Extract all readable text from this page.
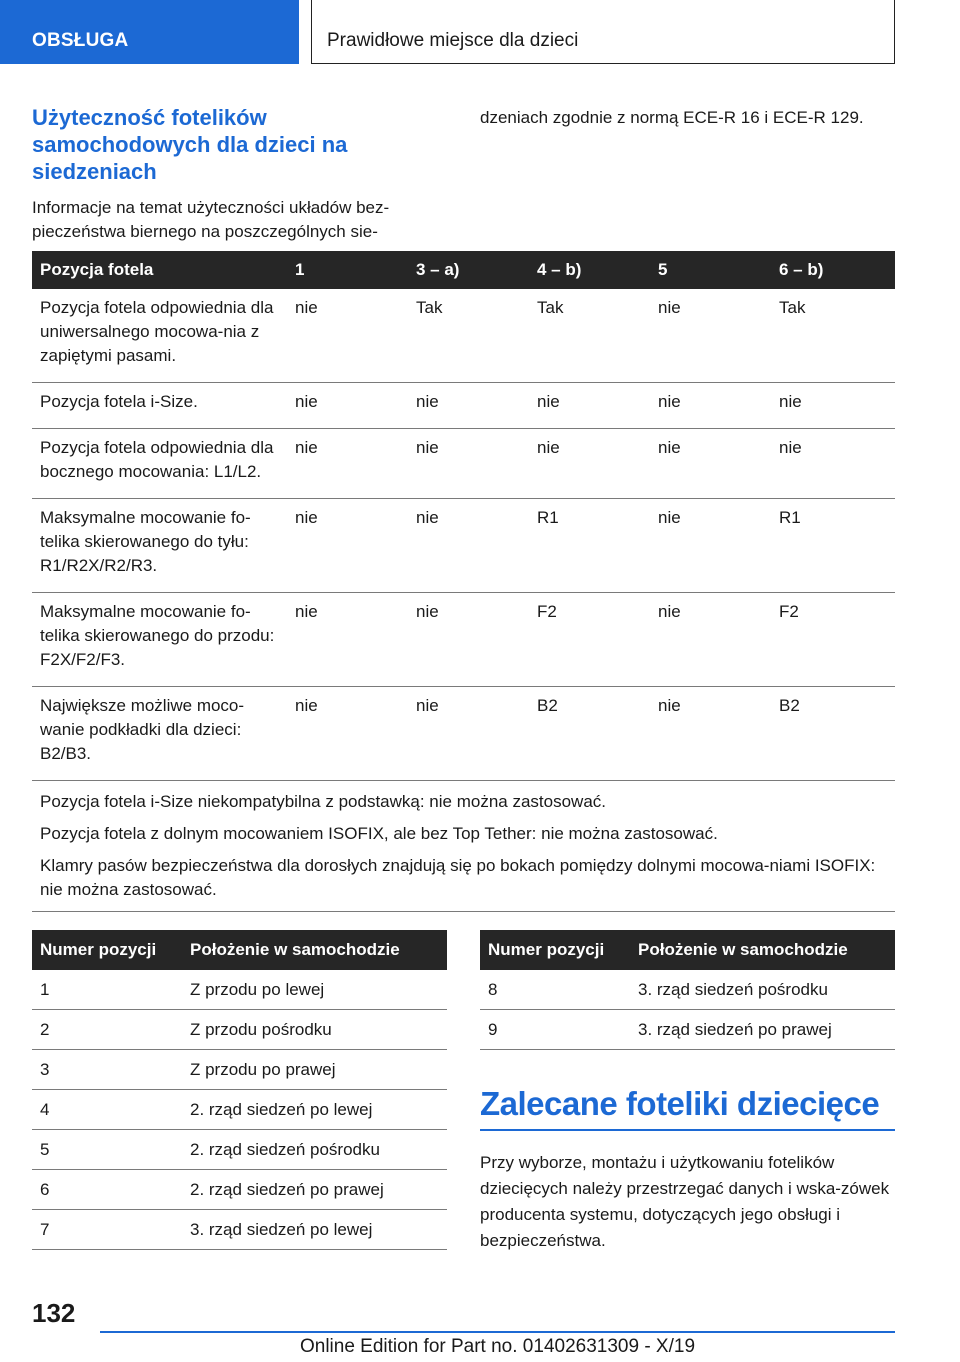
OBSŁUGA	Prawidłowe miejsce dla dzieci
Użyteczność fotelików samochodowych dla dzieci na siedzeniach

Informacje na temat użyteczności układów bez-pieczeństwa biernego na poszczególnych sie-

dzeniach zgodnie z normą ECE-R 16 i ECE-R 129.

Pozycja fotela	1	3 – a)	4 – b)	5	6 – b)
Pozycja fotela odpowiednia dla uniwersalnego mocowa-nia z zapiętymi pasami.	nie	Tak	Tak	nie	Tak
Pozycja fotela i-Size.	nie	nie	nie	nie	nie
Pozycja fotela odpowiednia dla bocznego mocowania: L1/L2.	nie	nie	nie	nie	nie
Maksymalne mocowanie fo-telika skierowanego do tyłu: R1/R2X/R2/R3.	nie	nie	R1	nie	R1
Maksymalne mocowanie fo-telika skierowanego do przodu: F2X/F2/F3.	nie	nie	F2	nie	F2
Największe możliwe moco-wanie podkładki dla dzieci: B2/B3.	nie	nie	B2	nie	B2

Pozycja fotela i-Size niekompatybilna z podstawką: nie można zastosować.

Pozycja fotela z dolnym mocowaniem ISOFIX, ale bez Top Tether: nie można zastosować.

Klamry pasów bezpieczeństwa dla dorosłych znajdują się po bokach pomiędzy dolnymi mocowa-niami ISOFIX: nie można zastosować.					

Numer pozycji	Położenie w samochodzie
1	Z przodu po lewej
2	Z przodu pośrodku
3	Z przodu po prawej
4	2. rząd siedzeń po lewej
5	2. rząd siedzeń pośrodku
6	2. rząd siedzeń po prawej
7	3. rząd siedzeń po lewej
Numer pozycji	Położenie w samochodzie
8	3. rząd siedzeń pośrodku
9	3. rząd siedzeń po prawej
Zalecane foteliki dziecięce

Przy wyborze, montażu i użytkowaniu fotelików dziecięcych należy przestrzegać danych i wska-zówek producenta systemu, dotyczących jego obsługi i bezpieczeństwa.

132
Online Edition for Part no. 01402631309 - X/19
